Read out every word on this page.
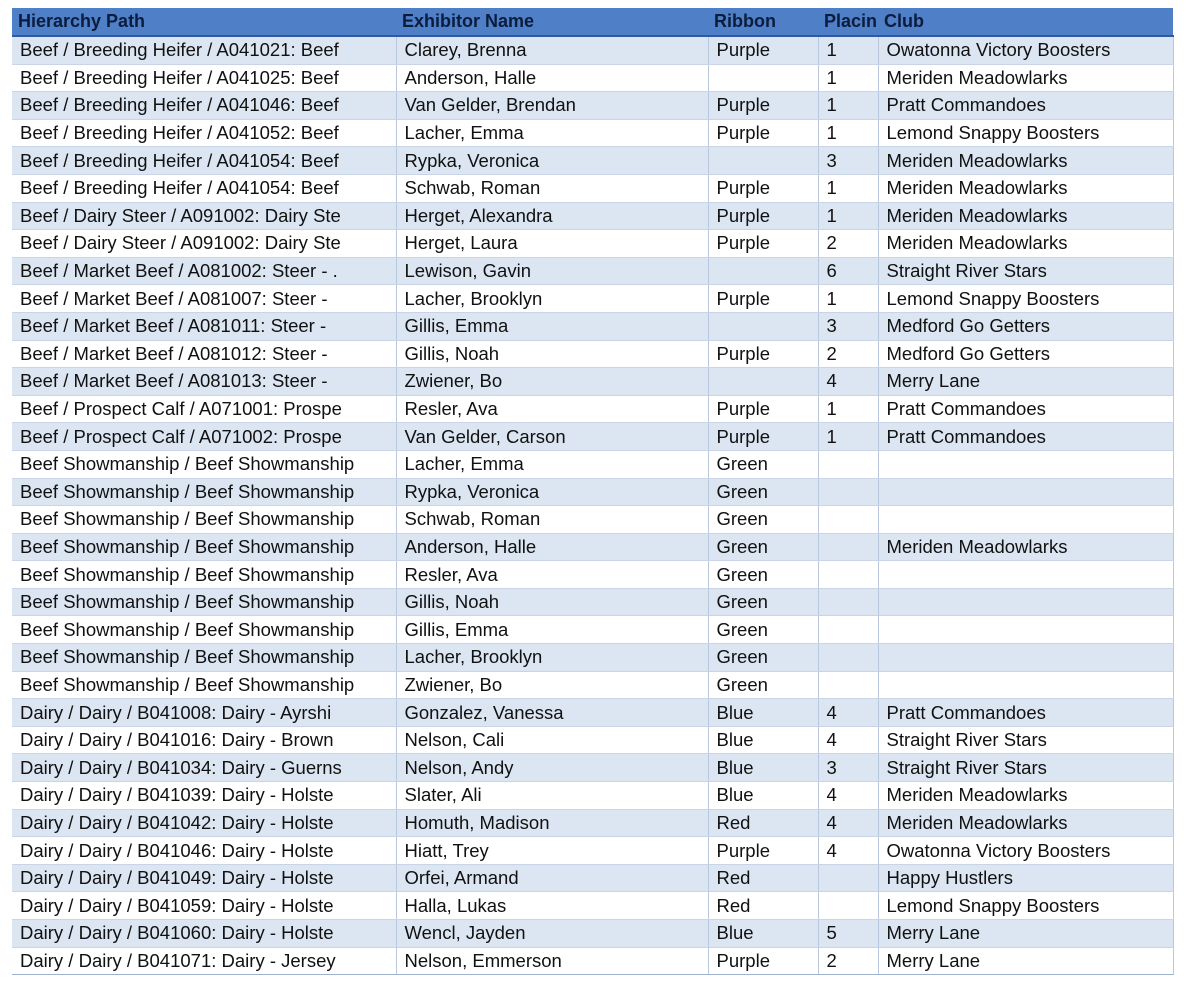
Hierarchy Path	Exhibitor Name	Ribbon	Placin	Club
Beef / Breeding Heifer / A041021: Beef	Clarey, Brenna	Purple	1	Owatonna Victory Boosters
Beef / Breeding Heifer / A041025: Beef	Anderson, Halle		1	Meriden Meadowlarks
Beef / Breeding Heifer / A041046: Beef	Van Gelder, Brendan	Purple	1	Pratt Commandoes
Beef / Breeding Heifer / A041052: Beef	Lacher, Emma	Purple	1	Lemond Snappy Boosters
Beef / Breeding Heifer / A041054: Beef	Rypka, Veronica		3	Meriden Meadowlarks
Beef / Breeding Heifer / A041054: Beef	Schwab, Roman	Purple	1	Meriden Meadowlarks
Beef / Dairy Steer / A091002: Dairy Ste	Herget, Alexandra	Purple	1	Meriden Meadowlarks
Beef / Dairy Steer / A091002: Dairy Ste	Herget, Laura	Purple	2	Meriden Meadowlarks
Beef / Market Beef / A081002: Steer - .	Lewison, Gavin		6	Straight River Stars
Beef / Market Beef / A081007: Steer -	Lacher, Brooklyn	Purple	1	Lemond Snappy Boosters
Beef / Market Beef / A081011: Steer -	Gillis, Emma		3	Medford Go Getters
Beef / Market Beef / A081012: Steer -	Gillis, Noah	Purple	2	Medford Go Getters
Beef / Market Beef / A081013: Steer -	Zwiener, Bo		4	Merry Lane
Beef / Prospect Calf / A071001: Prospe	Resler, Ava	Purple	1	Pratt Commandoes
Beef / Prospect Calf / A071002: Prospe	Van Gelder, Carson	Purple	1	Pratt Commandoes
Beef Showmanship / Beef Showmanship	Lacher, Emma	Green		
Beef Showmanship / Beef Showmanship	Rypka, Veronica	Green		
Beef Showmanship / Beef Showmanship	Schwab, Roman	Green		
Beef Showmanship / Beef Showmanship	Anderson, Halle	Green		Meriden Meadowlarks
Beef Showmanship / Beef Showmanship	Resler, Ava	Green		
Beef Showmanship / Beef Showmanship	Gillis, Noah	Green		
Beef Showmanship / Beef Showmanship	Gillis, Emma	Green		
Beef Showmanship / Beef Showmanship	Lacher, Brooklyn	Green		
Beef Showmanship / Beef Showmanship	Zwiener, Bo	Green		
Dairy / Dairy / B041008: Dairy - Ayrshi	Gonzalez, Vanessa	Blue	4	Pratt Commandoes
Dairy / Dairy / B041016: Dairy - Brown	Nelson, Cali	Blue	4	Straight River Stars
Dairy / Dairy / B041034: Dairy - Guerns	Nelson, Andy	Blue	3	Straight River Stars
Dairy / Dairy / B041039: Dairy - Holste	Slater, Ali	Blue	4	Meriden Meadowlarks
Dairy / Dairy / B041042: Dairy - Holste	Homuth, Madison	Red	4	Meriden Meadowlarks
Dairy / Dairy / B041046: Dairy - Holste	Hiatt, Trey	Purple	4	Owatonna Victory Boosters
Dairy / Dairy / B041049: Dairy - Holste	Orfei, Armand	Red		Happy Hustlers
Dairy / Dairy / B041059: Dairy - Holste	Halla, Lukas	Red		Lemond Snappy Boosters
Dairy / Dairy / B041060: Dairy - Holste	Wencl, Jayden	Blue	5	Merry Lane
Dairy / Dairy / B041071: Dairy - Jersey	Nelson, Emmerson	Purple	2	Merry Lane
